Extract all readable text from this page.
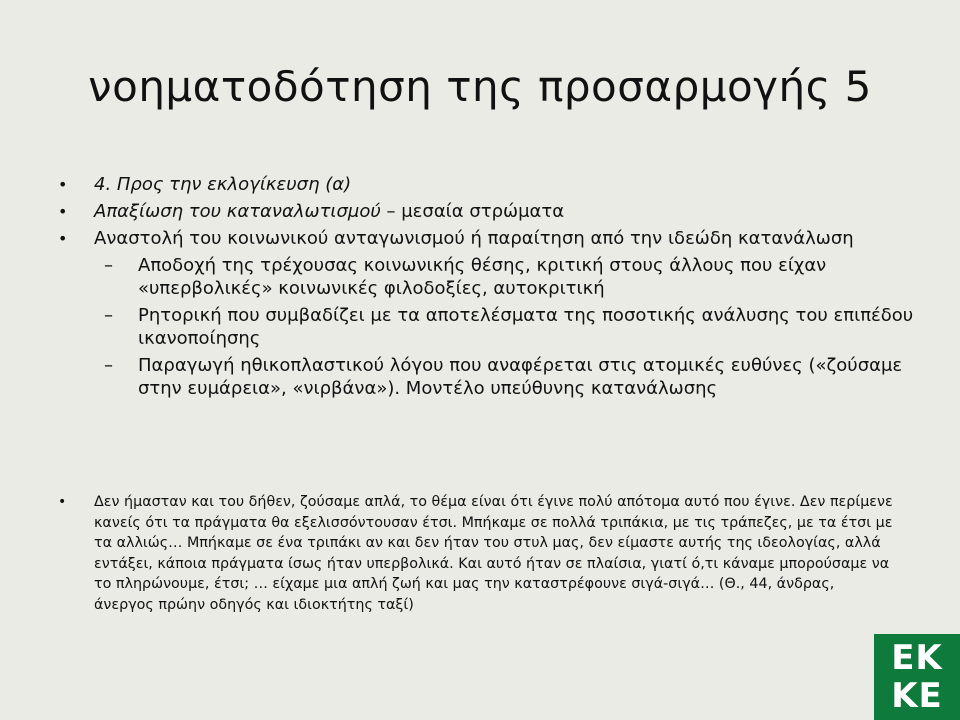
νοηματοδότηση της προσαρμογής 5
• 4. Προς την εκλογίκευση (α)
• Απαξίωση του καταναλωτισμού – μεσαία στρώματα
• Αναστολή του κοινωνικού ανταγωνισμού ή παραίτηση από την ιδεώδη κατανάλωση
– Αποδοχή της τρέχουσας κοινωνικής θέσης, κριτική στους άλλους που είχαν «υπερβολικές» κοινωνικές φιλοδοξίες, αυτοκριτική
– Ρητορική που συμβαδίζει με τα αποτελέσματα της ποσοτικής ανάλυσης του επιπέδου ικανοποίησης
– Παραγωγή ηθικοπλαστικού λόγου που αναφέρεται στις ατομικές ευθύνες («ζούσαμε στην ευμάρεια», «νιρβάνα»). Μοντέλο υπεύθυνης κατανάλωσης
• Δεν ήμασταν και του δήθεν, ζούσαμε απλά, το θέμα είναι ότι έγινε πολύ απότομα αυτό που έγινε. Δεν περίμενε κανείς ότι τα πράγματα θα εξελισσόντουσαν έτσι. Μπήκαμε σε πολλά τριπάκια, με τις τράπεζες, με τα έτσι με τα αλλιώς… Μπήκαμε σε ένα τριπάκι αν και δεν ήταν του στυλ μας, δεν είμαστε αυτής της ιδεολογίας, αλλά εντάξει, κάποια πράγματα ίσως ήταν υπερβολικά. Και αυτό ήταν σε πλαίσια, γιατί ό,τι κάναμε μπορούσαμε να το πληρώνουμε, έτσι; … είχαμε μια απλή ζωή και μας την καταστρέφουνε σιγά-σιγά… (Θ., 44, άνδρας, άνεργος πρώην οδηγός και ιδιοκτήτης ταξί)
ΕΚ
ΚΕ
